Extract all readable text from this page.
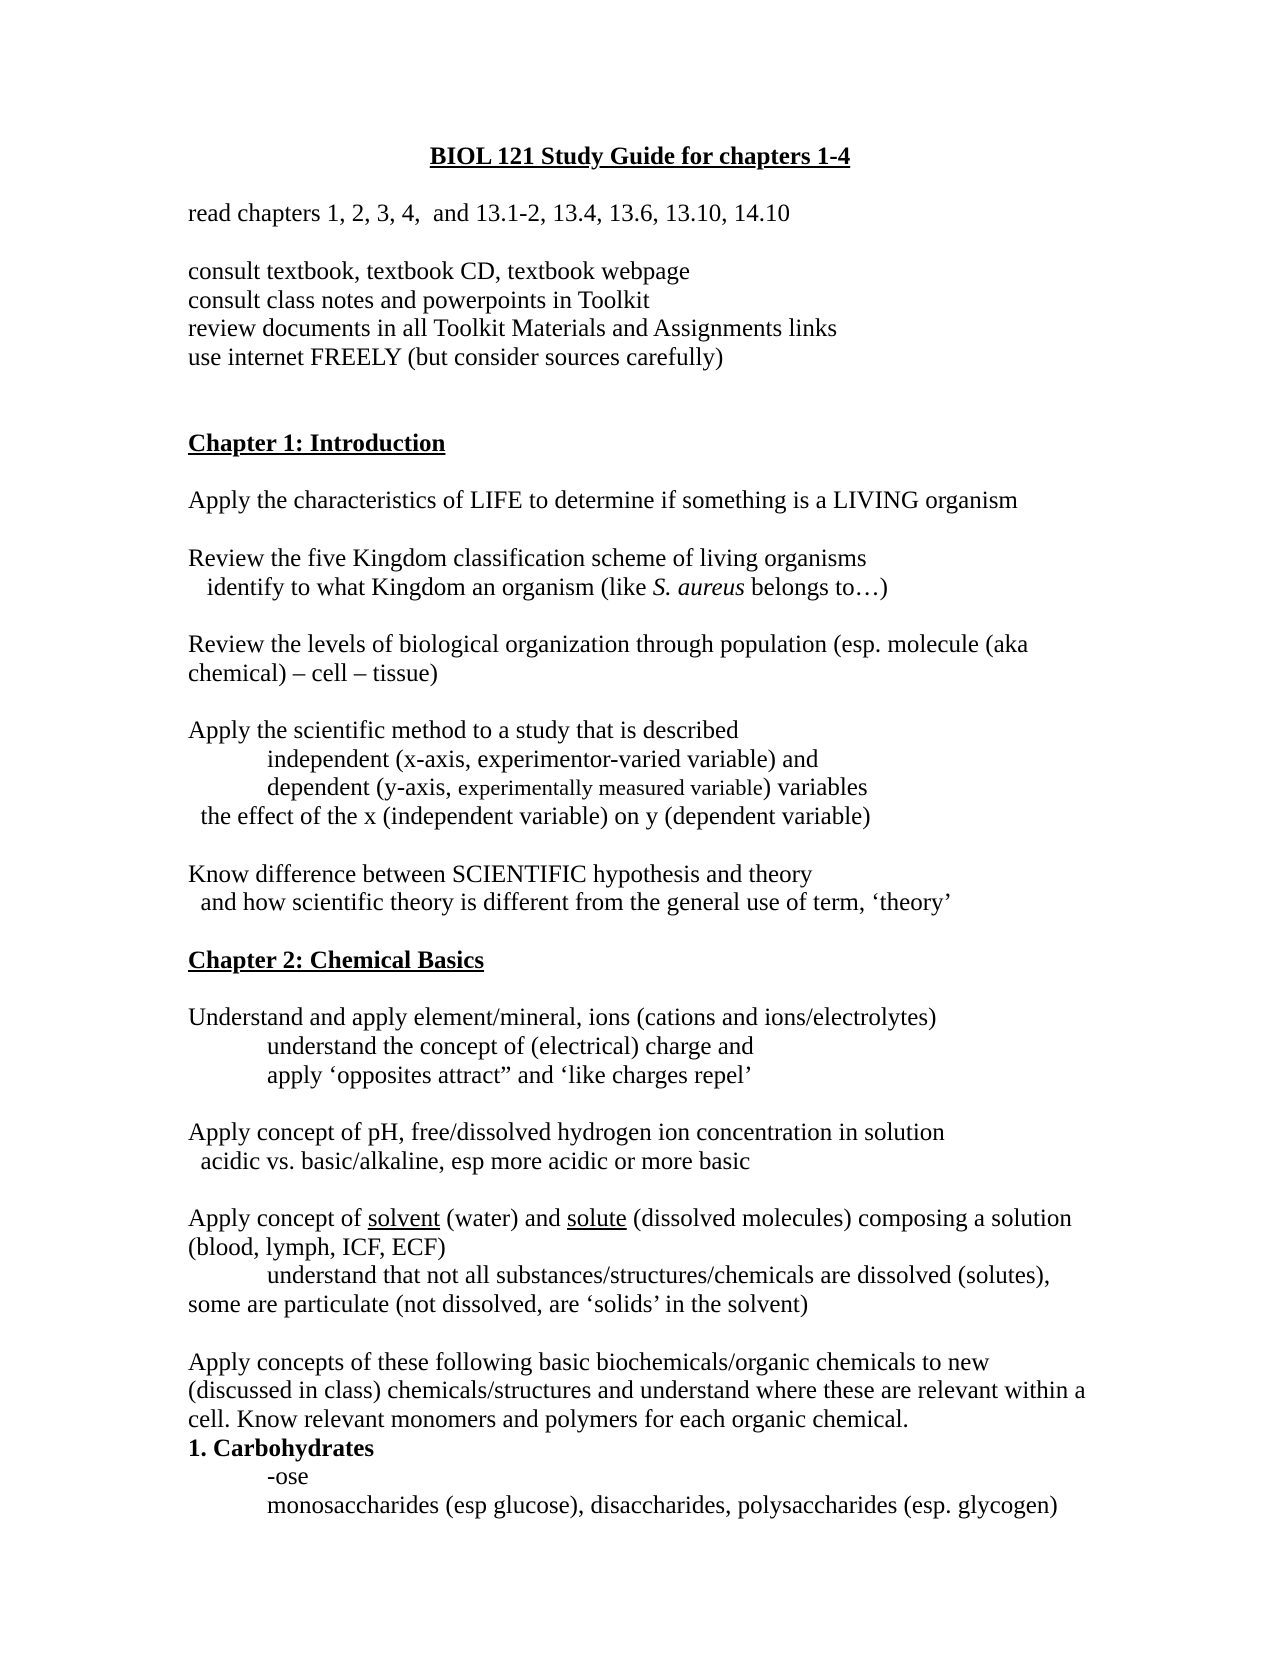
BIOL 121 Study Guide for chapters 1-4

read chapters 1, 2, 3, 4,  and 13.1-2, 13.4, 13.6, 13.10, 14.10

consult textbook, textbook CD, textbook webpage
consult class notes and powerpoints in Toolkit
review documents in all Toolkit Materials and Assignments links
use internet FREELY (but consider sources carefully)

Chapter 1: Introduction

Apply the characteristics of LIFE to determine if something is a LIVING organism

Review the five Kingdom classification scheme of living organisms
identify to what Kingdom an organism (like S. aureus belongs to…)

Review the levels of biological organization through population (esp. molecule (aka
chemical) – cell – tissue)

Apply the scientific method to a study that is described
independent (x-axis, experimentor-varied variable) and
dependent (y-axis, experimentally measured variable) variables
the effect of the x (independent variable) on y (dependent variable)

Know difference between SCIENTIFIC hypothesis and theory
and how scientific theory is different from the general use of term, ‘theory’

Chapter 2: Chemical Basics

Understand and apply element/mineral, ions (cations and ions/electrolytes)
understand the concept of (electrical) charge and
apply ‘opposites attract” and ‘like charges repel’

Apply concept of pH, free/dissolved hydrogen ion concentration in solution
acidic vs. basic/alkaline, esp more acidic or more basic

Apply concept of solvent (water) and solute (dissolved molecules) composing a solution
(blood, lymph, ICF, ECF)
understand that not all substances/structures/chemicals are dissolved (solutes),
some are particulate (not dissolved, are ‘solids’ in the solvent)

Apply concepts of these following basic biochemicals/organic chemicals to new
(discussed in class) chemicals/structures and understand where these are relevant within a
cell. Know relevant monomers and polymers for each organic chemical.
1. Carbohydrates
-ose
monosaccharides (esp glucose), disaccharides, polysaccharides (esp. glycogen)
